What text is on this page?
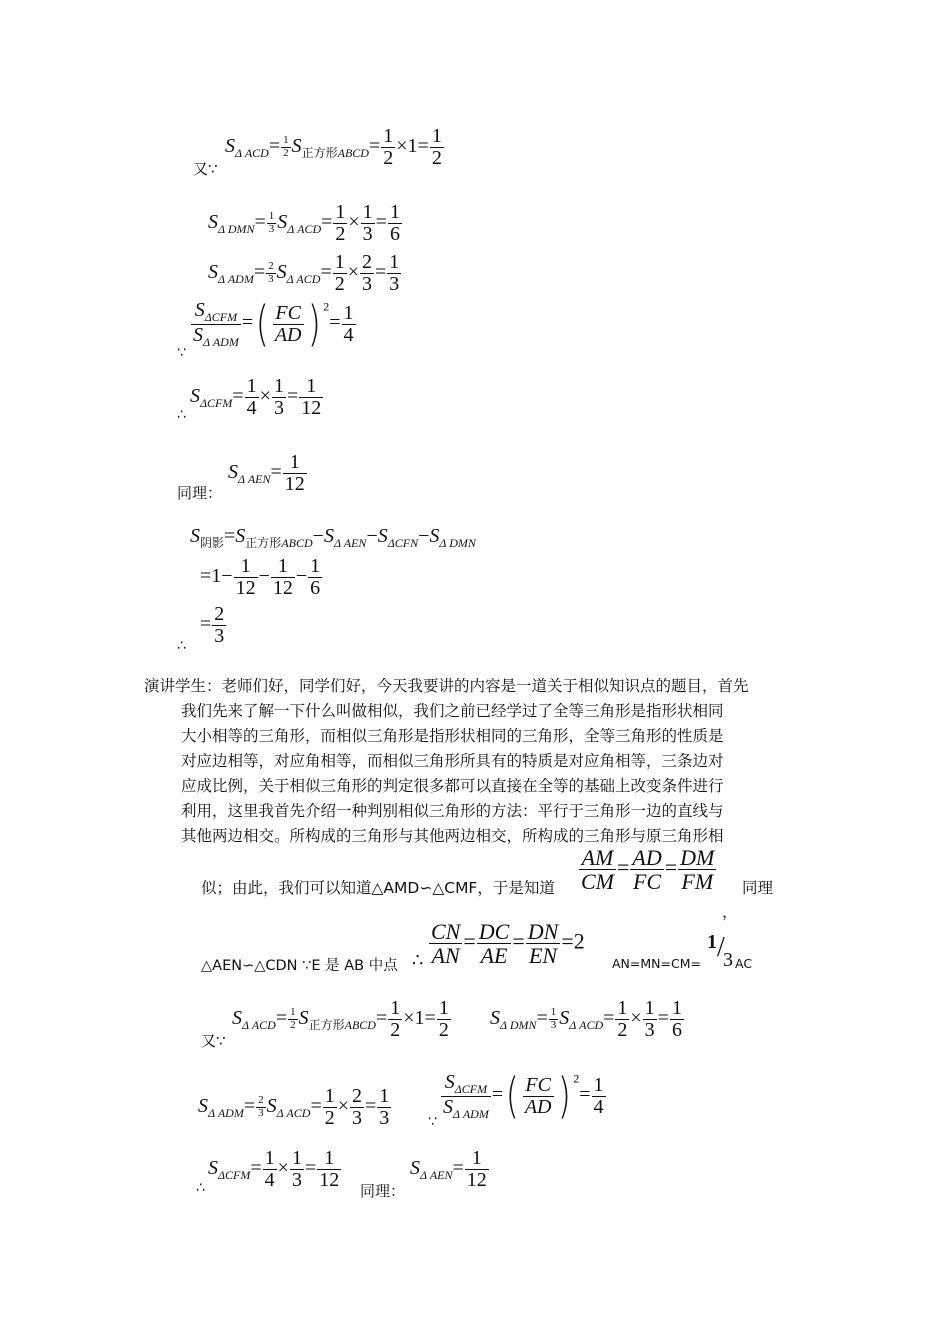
又∵
$S_{\Delta ACD}= \frac{1}{2} S_{正方形ABCD}= \frac{1}{2} \times 1= \frac{1}{2}$
$S_{\Delta DMN}= \frac{1}{3} S_{\Delta ACD}= \frac{1}{2} \times \frac{1}{3} = \frac{1}{6}$
$S_{\Delta ADM}= \frac{2}{3} S_{\Delta ACD}= \frac{1}{2} \times \frac{2}{3} = \frac{1}{3}$
∵
$\frac{S_{\Delta CFM}}{S_{\Delta ADM}}$ =( $\frac{FC}{AD}$ ) $^2= \frac{1}{4}$
∴
$S_{\Delta CFM}= \frac{1}{4} \times \frac{1}{3} = \frac{1}{12}$
同理：
$S_{\Delta AEN}= \frac{1}{12}$
$S_{阴影}=S_{正方形ABCD}-S_{\Delta AEN}-S_{\Delta CFN}-S_{\Delta DMN}$
$=1- \frac{1}{12} - \frac{1}{12} - \frac{1}{6}$
∴
= $\frac{2}{3}$
演讲学生：老师们好，同学们好，今天我要讲的内容是一道关于相似知识点的题目，首先
我们先来了解一下什么叫做相似，我们之前已经学过了全等三角形是指形状相同
大小相等的三角形，而相似三角形是指形状相同的三角形，全等三角形的性质是
对应边相等，对应角相等，而相似三角形所具有的特质是对应角相等，三条边对
应成比例，关于相似三角形的判定很多都可以直接在全等的基础上改变条件进行
利用，这里我首先介绍一种判别相似三角形的方法：平行于三角形一边的直线与
其他两边相交。所构成的三角形与其他两边相交，所构成的三角形与原三角形相
似；由此，我们可以知道△AMD∽△CMF，于是知道 $\frac{AM}{CM} = \frac{AD}{FC} = \frac{DM}{FM}$ 同理
，
△AEN∽△CDN ∵E 是 AB 中点 ∴ $\frac{CN}{AN} = \frac{DC}{AE} = \frac{DN}{EN} =2$
AN=MN=CM=
1 /
3 AC
又∵
$S_{\Delta ACD}= \frac{1}{2} S_{正方形ABCD}= \frac{1}{2} \times 1= \frac{1}{2} S_{\Delta DMN}= \frac{1}{3} S_{\Delta ACD}= \frac{1}{2} \times \frac{1}{3} = \frac{1}{6}$
$S_{\Delta ADM}= \frac{2}{3} S_{\Delta ACD}= \frac{1}{2} \times \frac{2}{3} = \frac{1}{3}$	∵
$\frac{S_{\Delta CFM}}{S_{\Delta ADM}}$ =( $\frac{FC}{AD}$ ) $^2= \frac{1}{4}$
∴
$S_{\Delta CFM}= \frac{1}{4} \times \frac{1}{3} = \frac{1}{12}$ 同理：
$S_{\Delta AEN}= \frac{1}{12}$
